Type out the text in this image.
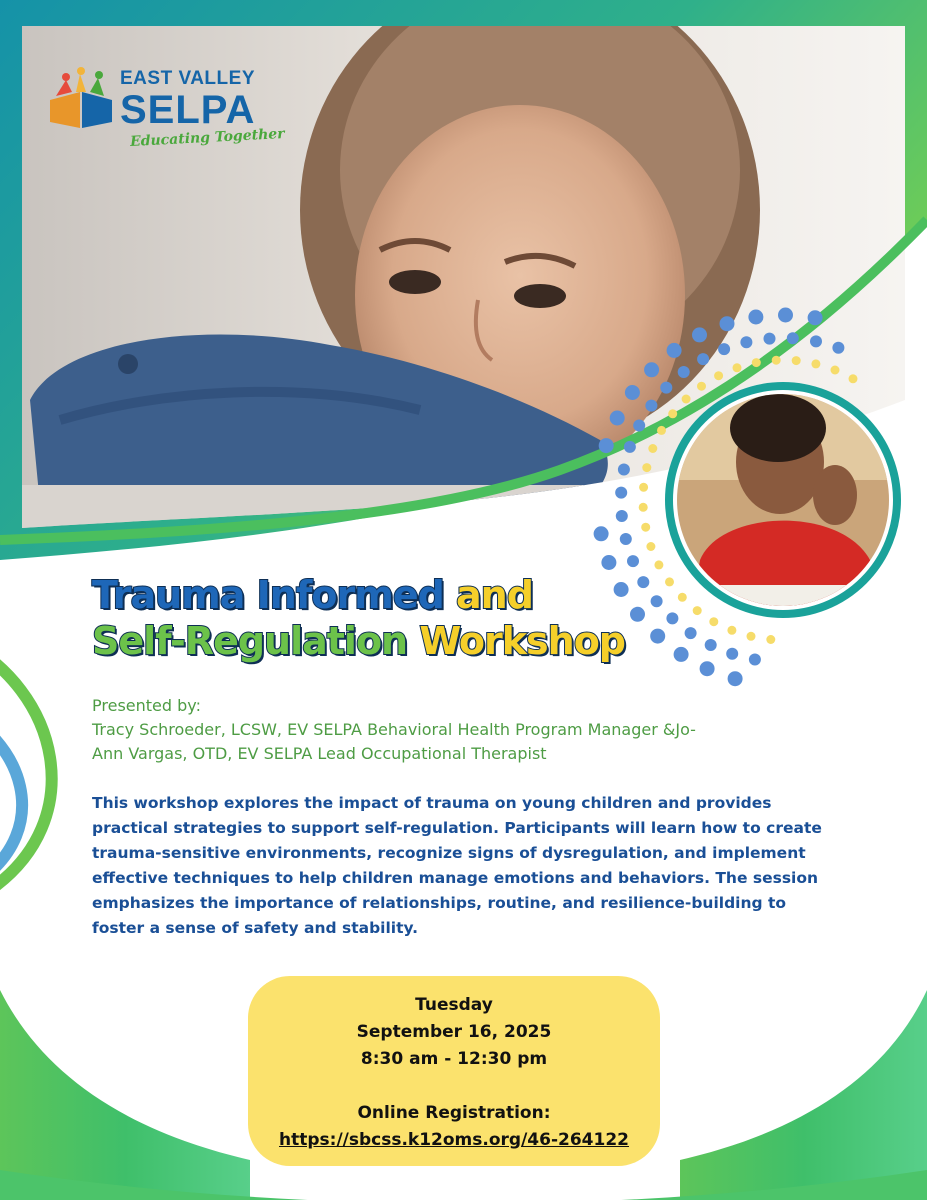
EAST VALLEY
SELPA
Educating Together
Trauma Informed and
Self-Regulation Workshop
Presented by:
Tracy Schroeder, LCSW, EV SELPA Behavioral Health Program Manager &Jo-
Ann Vargas, OTD, EV SELPA Lead Occupational Therapist
This workshop explores the impact of trauma on young children and provides practical strategies to support self-regulation. Participants will learn how to create trauma-sensitive environments, recognize signs of dysregulation, and implement effective techniques to help children manage emotions and behaviors. The session emphasizes the importance of relationships, routine, and resilience-building to foster a sense of safety and stability.
Tuesday
September 16, 2025
8:30 am - 12:30 pm
Online Registration:
https://sbcss.k12oms.org/46-264122
